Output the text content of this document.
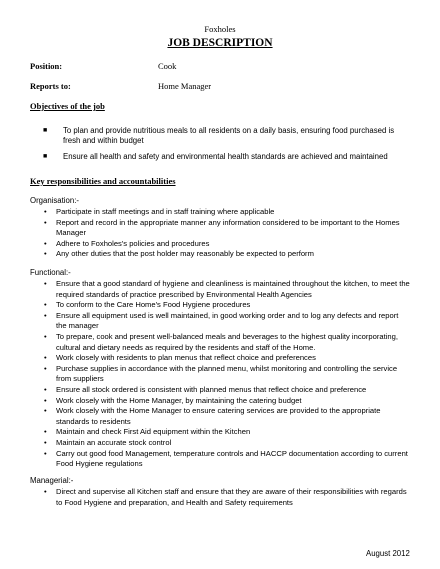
Foxholes
JOB DESCRIPTION
Position:	Cook
Reports to:	Home Manager
Objectives of the job
■ To plan and provide nutritious meals to all residents on a daily basis, ensuring food purchased is fresh and within budget
■ Ensure all health and safety and environmental health standards are achieved and maintained
Key responsibilities and accountabilities
Organisation:-
• Participate in staff meetings and in staff training where applicable
• Report and record in the appropriate manner any information considered to be important to the Homes Manager
• Adhere to Foxholes's policies and procedures
• Any other duties that the post holder may reasonably be expected to perform
Functional:-
• Ensure that a good standard of hygiene and cleanliness is maintained throughout the kitchen, to meet the required standards of practice prescribed by Environmental Health Agencies
• To conform to the Care Home's Food Hygiene procedures
• Ensure all equipment used is well maintained, in good working order and to log any defects and report the manager
• To prepare, cook and present well-balanced meals and beverages to the highest quality incorporating, cultural and dietary needs as required by the residents and staff of the Home.
• Work closely with residents to plan menus that reflect choice and preferences
• Purchase supplies in accordance with the planned menu, whilst monitoring and controlling the service from suppliers
• Ensure all stock ordered is consistent with planned menus that reflect choice and preference
• Work closely with the Home Manager, by maintaining the catering budget
• Work closely with the Home Manager to ensure catering services are provided to the appropriate standards to residents
• Maintain and check First Aid equipment within the Kitchen
• Maintain an accurate stock control
• Carry out good food Management, temperature controls and HACCP documentation according to current Food Hygiene regulations
Managerial:-
• Direct and supervise all Kitchen staff and ensure that they are aware of their responsibilities with regards to Food Hygiene and preparation, and Health and Safety requirements
August 2012
